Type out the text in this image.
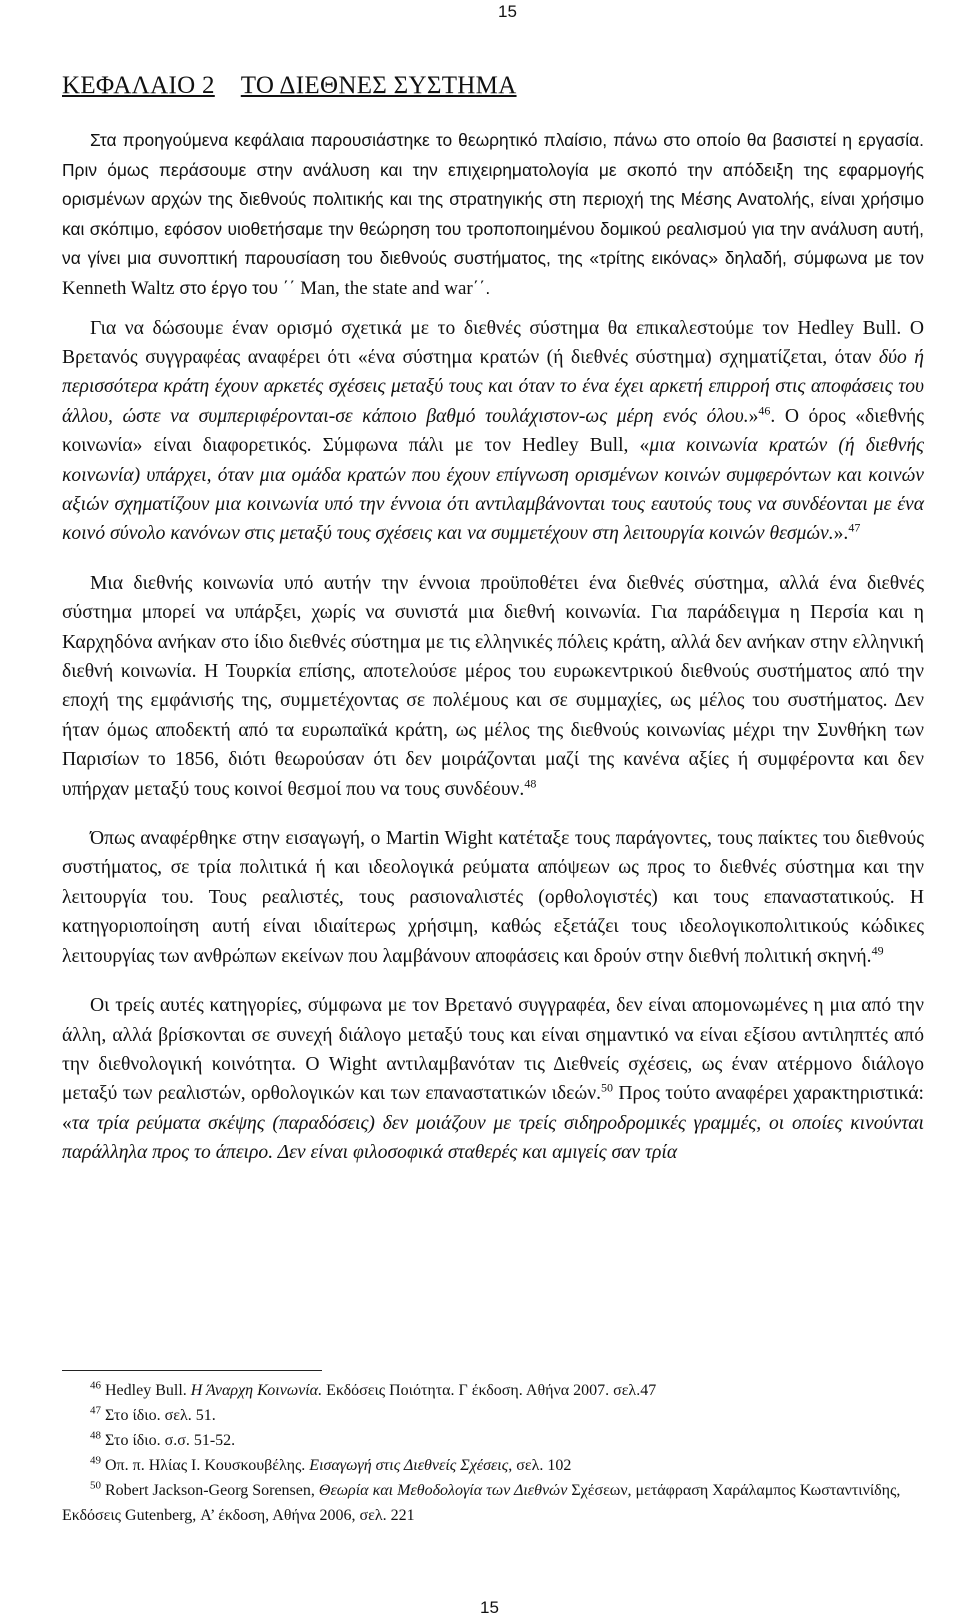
15
ΚΕΦΑΛΑΙΟ 2 ΤΟ ΔΙΕΘΝΕΣ ΣΥΣΤΗΜΑ

Στα προηγούμενα κεφάλαια παρουσιάστηκε το θεωρητικό πλαίσιο, πάνω στο οποίο θα βασιστεί η εργασία. Πριν όμως περάσουμε στην ανάλυση και την επιχειρηματολογία με σκοπό την απόδειξη της εφαρμογής ορισμένων αρχών της διεθνούς πολιτικής και της στρατηγικής στη περιοχή της Μέσης Ανατολής, είναι χρήσιμο και σκόπιμο, εφόσον υιοθετήσαμε την θεώρηση του τροποποιημένου δομικού ρεαλισμού για την ανάλυση αυτή, να γίνει μια συνοπτική παρουσίαση του διεθνούς συστήματος, της «τρίτης εικόνας» δηλαδή, σύμφωνα με τον Kenneth Waltz στο έργο του ΄΄ Man, the state and war΄΄.

Για να δώσουμε έναν ορισμό σχετικά με το διεθνές σύστημα θα επικαλεστούμε τον Hedley Bull. Ο Βρετανός συγγραφέας αναφέρει ότι «ένα σύστημα κρατών (ή διεθνές σύστημα) σχηματίζεται, όταν δύο ή περισσότερα κράτη έχουν αρκετές σχέσεις μεταξύ τους και όταν το ένα έχει αρκετή επιρροή στις αποφάσεις του άλλου, ώστε να συμπεριφέρονται-σε κάποιο βαθμό τουλάχιστον-ως μέρη ενός όλου.»$^{46}$. Ο όρος «διεθνής κοινωνία» είναι διαφορετικός. Σύμφωνα πάλι με τον Hedley Bull, «μια κοινωνία κρατών (ή διεθνής κοινωνία) υπάρχει, όταν μια ομάδα κρατών που έχουν επίγνωση ορισμένων κοινών συμφερόντων και κοινών αξιών σχηματίζουν μια κοινωνία υπό την έννοια ότι αντιλαμβάνονται τους εαυτούς τους να συνδέονται με ένα κοινό σύνολο κανόνων στις μεταξύ τους σχέσεις και να συμμετέχουν στη λειτουργία κοινών θεσμών.».$^{47}$

Μια διεθνής κοινωνία υπό αυτήν την έννοια προϋποθέτει ένα διεθνές σύστημα, αλλά ένα διεθνές σύστημα μπορεί να υπάρξει, χωρίς να συνιστά μια διεθνή κοινωνία. Για παράδειγμα η Περσία και η Καρχηδόνα ανήκαν στο ίδιο διεθνές σύστημα με τις ελληνικές πόλεις κράτη, αλλά δεν ανήκαν στην ελληνική διεθνή κοινωνία. Η Τουρκία επίσης, αποτελούσε μέρος του ευρωκεντρικού διεθνούς συστήματος από την εποχή της εμφάνισής της, συμμετέχοντας σε πολέμους και σε συμμαχίες, ως μέλος του συστήματος. Δεν ήταν όμως αποδεκτή από τα ευρωπαϊκά κράτη, ως μέλος της διεθνούς κοινωνίας μέχρι την Συνθήκη των Παρισίων το 1856, διότι θεωρούσαν ότι δεν μοιράζονται μαζί της κανένα αξίες ή συμφέροντα και δεν υπήρχαν μεταξύ τους κοινοί θεσμοί που να τους συνδέουν.$^{48}$

Όπως αναφέρθηκε στην εισαγωγή, ο Martin Wight κατέταξε τους παράγοντες, τους παίκτες του διεθνούς συστήματος, σε τρία πολιτικά ή και ιδεολογικά ρεύματα απόψεων ως προς το διεθνές σύστημα και την λειτουργία του. Τους ρεαλιστές, τους ρασιοναλιστές (ορθολογιστές) και τους επαναστατικούς. Η κατηγοριοποίηση αυτή είναι ιδιαίτερως χρήσιμη, καθώς εξετάζει τους ιδεολογικοπολιτικούς κώδικες λειτουργίας των ανθρώπων εκείνων που λαμβάνουν αποφάσεις και δρούν στην διεθνή πολιτική σκηνή.$^{49}$

Οι τρείς αυτές κατηγορίες, σύμφωνα με τον Βρετανό συγγραφέα, δεν είναι απομονωμένες η μια από την άλλη, αλλά βρίσκονται σε συνεχή διάλογο μεταξύ τους και είναι σημαντικό να είναι εξίσου αντιληπτές από την διεθνολογική κοινότητα. Ο Wight αντιλαμβανόταν τις Διεθνείς σχέσεις, ως έναν ατέρμονο διάλογο μεταξύ των ρεαλιστών, ορθολογικών και των επαναστατικών ιδεών.$^{50}$ Προς τούτο αναφέρει χαρακτηριστικά: «τα τρία ρεύματα σκέψης (παραδόσεις) δεν μοιάζουν με τρείς σιδηροδρομικές γραμμές, οι οποίες κινούνται παράλληλα προς το άπειρο. Δεν είναι φιλοσοφικά σταθερές και αμιγείς σαν τρία

$^{46}$ Hedley Bull. Η Άναρχη Κοινωνία. Εκδόσεις Ποιότητα. Γ έκδοση. Αθήνα 2007. σελ.47

$^{47}$ Στο ίδιο. σελ. 51.

$^{48}$ Στο ίδιο. σ.σ. 51-52.

$^{49}$ Οπ. π. Ηλίας Ι. Κουσκουβέλης. Εισαγωγή στις Διεθνείς Σχέσεις, σελ. 102

$^{50}$ Robert Jackson-Georg Sorensen, Θεωρία και Μεθοδολογία των Διεθνών Σχέσεων, μετάφραση Χαράλαμπος Κωσταντινίδης, Εκδόσεις Gutenberg, Α’ έκδοση, Αθήνα 2006, σελ. 221

15
